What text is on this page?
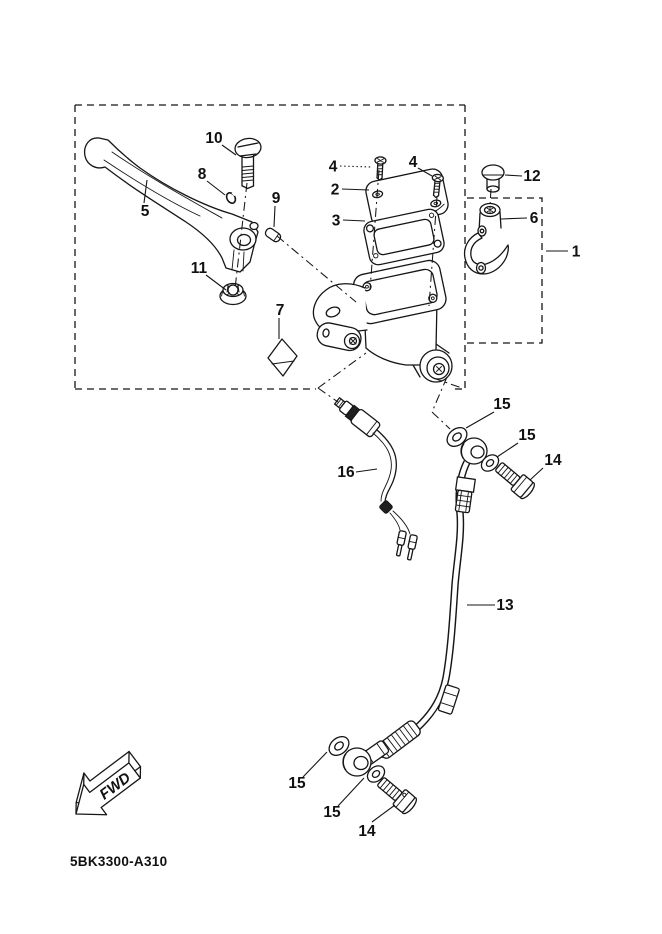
FWD
5BK3300-A310
1
2
3
4	4
5	6
7
8
9
10
11
12
13
14
14
15
15
15
15
16
